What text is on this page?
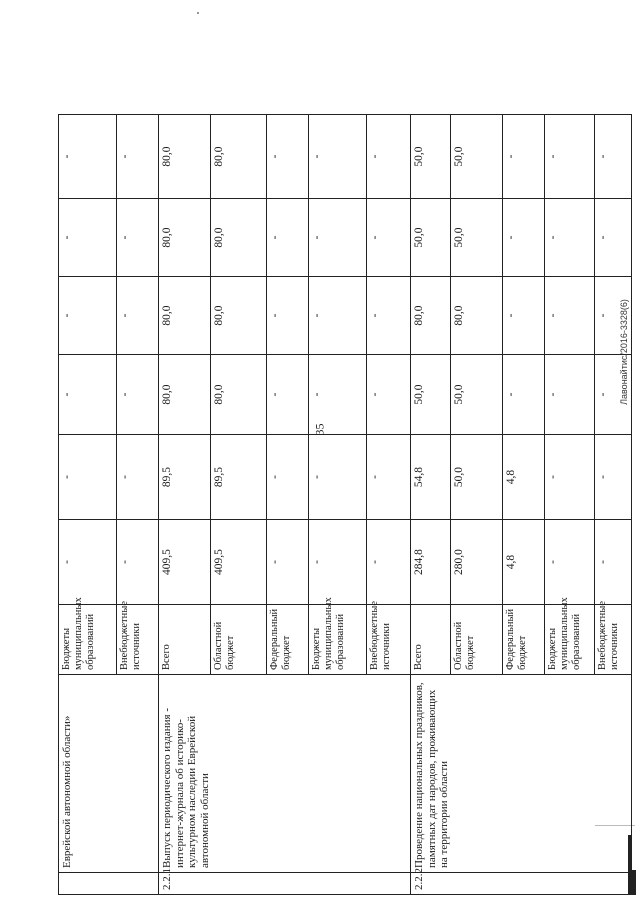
35
Лавонайтис/2016-3328(6)
	Еврейской автономной области»	Бюджеты муниципальных образований	-	-	-	-	-	-
		Внебюджетные источники	-	-	-	-	-	-
2.2.1	Выпуск периодического издания - интернет-журнала об историко-культурном наследии Еврейской автономной области	Всего	409,5	89,5	80,0	80,0	80,0	80,0
		Областной бюджет	409,5	89,5	80,0	80,0	80,0	80,0
		Федеральный бюджет	-	-	-	-	-	-
		Бюджеты муниципальных образований	-	-	-	-	-	-
		Внебюджетные источники	-	-	-	-	-	-
2.2.2	Проведение национальных праздников, памятных дат народов, проживающих на территории области	Всего	284,8	54,8	50,0	80,0	50,0	50,0
		Областной бюджет	280,0	50,0	50,0	80,0	50,0	50,0
		Федеральный бюджет	4,8	4,8	-	-	-	-
		Бюджеты муниципальных образований	-	-	-	-	-	-
		Внебюджетные источники	-	-	-	-	-	-
